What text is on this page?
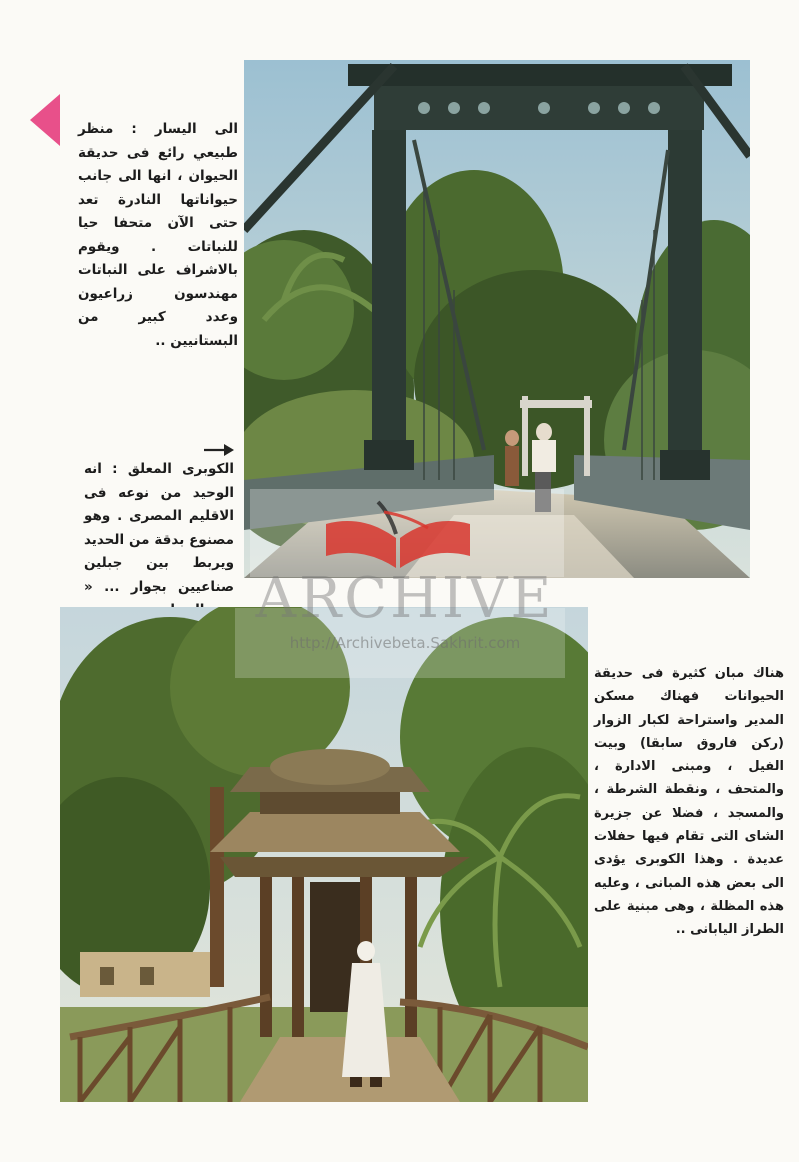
الى اليسار : منظر طبيعي رائع فى حديقة الحيوان ، انها الى جانب حيواناتها النادرة تعد حتى الآن متحفا حيا للنباتات . ويقوم بالاشراف على النباتات مهندسون زراعيون وعدد كبير من البستانيين ..

الكوبرى المعلق : انه الوحيد من نوعه فى الاقليم المصرى . وهو مصنوع بدقة من الحديد ويربط بين جبلين صناعيين بجوار ... «

هناك مبان كثيرة فى حديقة الحيوانات فهناك مسكن المدير واستراحة لكبار الزوار (ركن فاروق سابقا) وبيت الفيل ، ومبنى الادارة ، والمتحف ، ونقطة الشرطة ، والمسجد ، فضلا عن جزيرة الشاى التى تقام فيها حفلات عديدة . وهذا الكوبرى يؤدى الى بعض هذه المبانى ، وعليه هذه المظلة ، وهى مبنية على الطراز اليابانى ..

ARCHIVE
http://Archivebeta.Sakhrit.com
